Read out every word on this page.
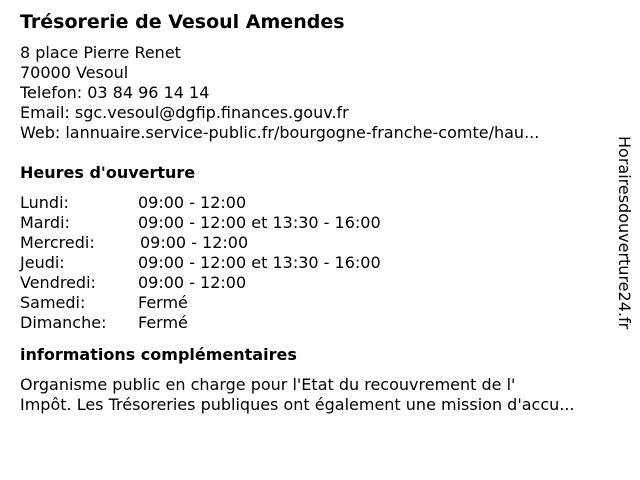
Trésorerie de Vesoul Amendes
8 place Pierre Renet
70000 Vesoul
Telefon: 03 84 96 14 14
Email: sgc.vesoul@dgfip.finances.gouv.fr
Web: lannuaire.service-public.fr/bourgogne-franche-comte/hau...
Heures d'ouverture
Lundi:	09:00 - 12:00
Mardi:	09:00 - 12:00 et 13:30 - 16:00
Mercredi:	09:00 - 12:00
Jeudi:	09:00 - 12:00 et 13:30 - 16:00
Vendredi:	09:00 - 12:00
Samedi:	Fermé
Dimanche:	Fermé
informations complémentaires
Organisme public en charge pour l'Etat du recouvrement de l'
Impôt. Les Trésoreries publiques ont également une mission d'accu...
Horairesdouverture24.fr
